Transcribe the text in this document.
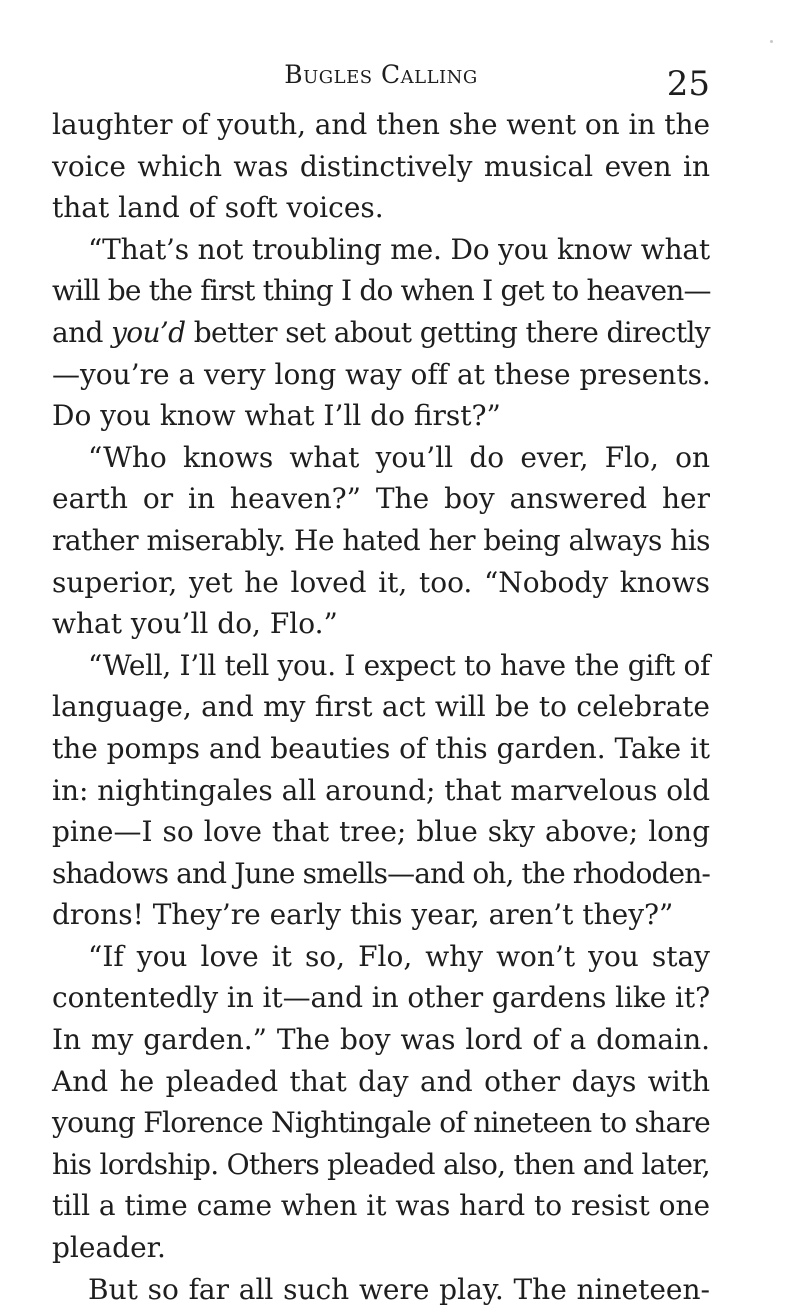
Bugles Calling	25
laughter of youth, and then she went on in the
voice which was distinctively musical even in
that land of soft voices.
“That’s not troubling me. Do you know what
will be the first thing I do when I get to heaven—
and you’d better set about getting there directly
—you’re a very long way off at these presents.
Do you know what I’ll do first?”
“Who knows what you’ll do ever, Flo, on
earth or in heaven?” The boy answered her
rather miserably. He hated her being always his
superior, yet he loved it, too. “Nobody knows
what you’ll do, Flo.”
“Well, I’ll tell you. I expect to have the gift of
language, and my first act will be to celebrate
the pomps and beauties of this garden. Take it
in: nightingales all around; that marvelous old
pine—I so love that tree; blue sky above; long
shadows and June smells—and oh, the rhododen-
drons! They’re early this year, aren’t they?”
“If you love it so, Flo, why won’t you stay
contentedly in it—and in other gardens like it?
In my garden.” The boy was lord of a domain.
And he pleaded that day and other days with
young Florence Nightingale of nineteen to share
his lordship. Others pleaded also, then and later,
till a time came when it was hard to resist one
pleader.
But so far all such were play. The nineteen-
